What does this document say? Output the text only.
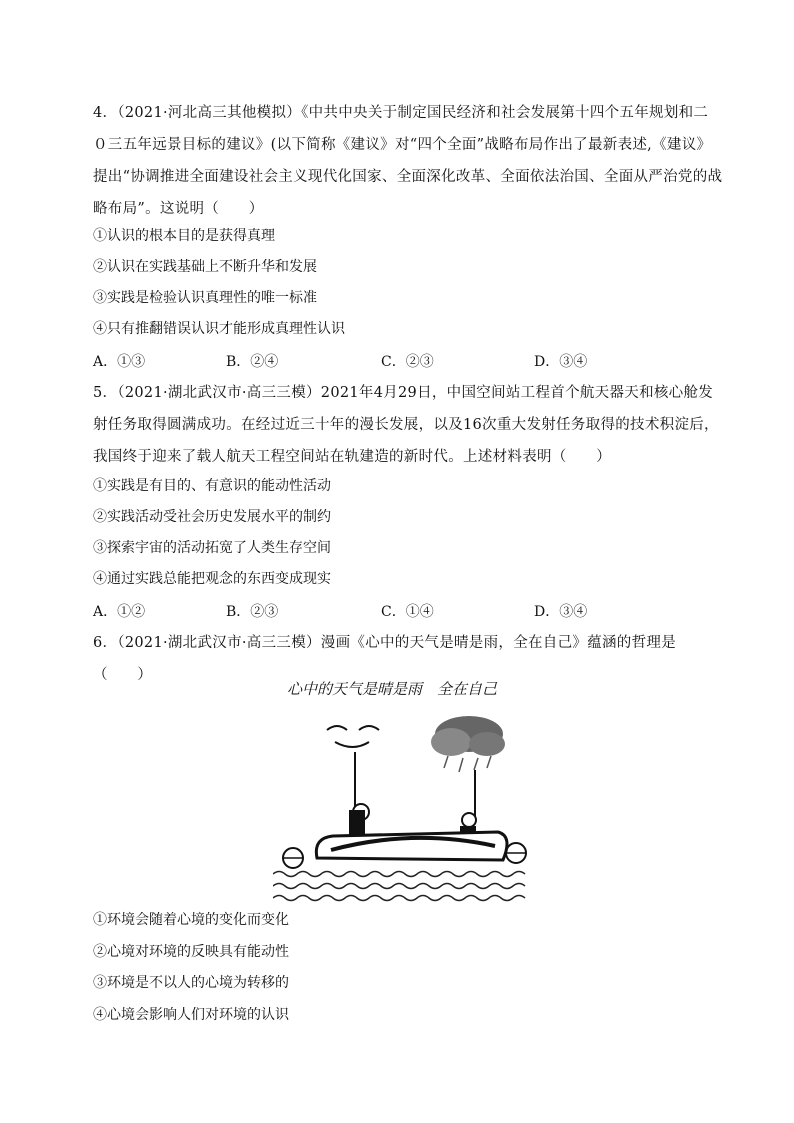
4．（2021·河北高三其他模拟）《中共中央关于制定国民经济和社会发展第十四个五年规划和二０三五年远景目标的建议》(以下简称《建议》对“四个全面”战略布局作出了最新表述,《建议》提出“协调推进全面建设社会主义现代化国家、全面深化改革、全面依法治国、全面从严治党的战略布局”。这说明（　　）
①认识的根本目的是获得真理
②认识在实践基础上不断升华和发展
③实践是检验认识真理性的唯一标准
④只有推翻错误认识才能形成真理性认识
A．①③	B．②④	C．②③	D．③④
5．（2021·湖北武汉市·高三三模）2021年4月29日，中国空间站工程首个航天器天和核心舱发射任务取得圆满成功。在经过近三十年的漫长发展，以及16次重大发射任务取得的技术积淀后，我国终于迎来了载人航天工程空间站在轨建造的新时代。上述材料表明（　　）
①实践是有目的、有意识的能动性活动
②实践活动受社会历史发展水平的制约
③探索宇宙的活动拓宽了人类生存空间
④通过实践总能把观念的东西变成现实
A．①②	B．②③	C．①④	D．③④
6．（2021·湖北武汉市·高三三模）漫画《心中的天气是晴是雨，全在自己》蕴涵的哲理是（　　）
心中的天气是晴是雨　全在自己
①环境会随着心境的变化而变化
②心境对环境的反映具有能动性
③环境是不以人的心境为转移的
④心境会影响人们对环境的认识
